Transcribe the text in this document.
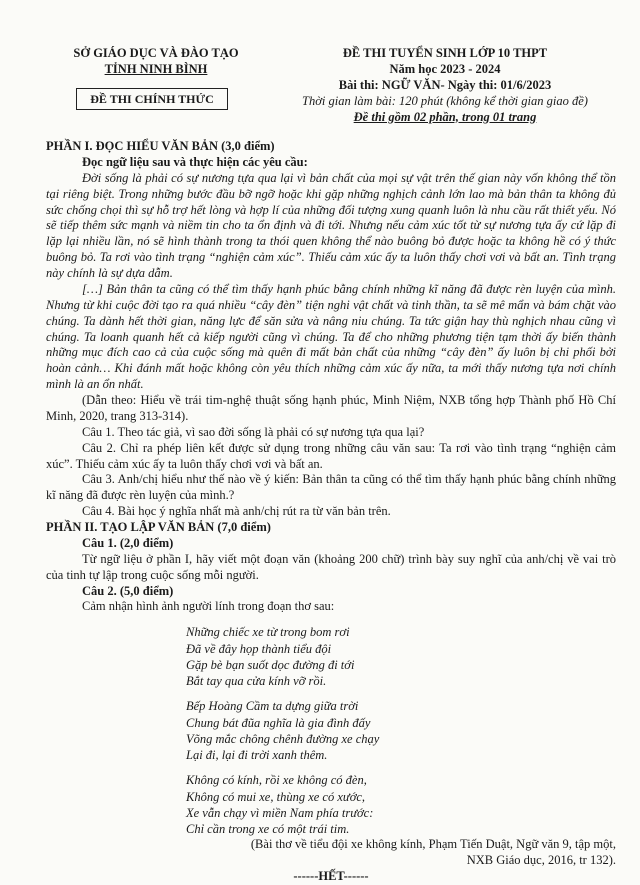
SỞ GIÁO DỤC VÀ ĐÀO TẠO
TỈNH NINH BÌNH
ĐỀ THI CHÍNH THỨC
ĐỀ THI TUYỂN SINH LỚP 10 THPT
Năm học 2023 - 2024
Bài thi: NGỮ VĂN- Ngày thi: 01/6/2023
Thời gian làm bài: 120 phút (không kể thời gian giao đề)
Đề thi gồm 02 phần, trong 01 trang

PHẦN I. ĐỌC HIỂU VĂN BẢN (3,0 điểm)

Đọc ngữ liệu sau và thực hiện các yêu cầu:

Đời sống là phải có sự nương tựa qua lại vì bản chất của mọi sự vật trên thế gian này vốn không thể tồn tại riêng biệt. Trong những bước đầu bỡ ngỡ hoặc khi gặp những nghịch cảnh lớn lao mà bản thân ta không đủ sức chống chọi thì sự hỗ trợ hết lòng và hợp lí của những đối tượng xung quanh luôn là nhu cầu rất thiết yếu. Nó sẽ tiếp thêm sức mạnh và niềm tin cho ta ổn định và đi tới. Nhưng nếu cảm xúc tốt từ sự nương tựa ấy cứ lặp đi lặp lại nhiều lần, nó sẽ hình thành trong ta thói quen không thể nào buông bỏ được hoặc ta không hề có ý thức buông bỏ. Ta rơi vào tình trạng “nghiện cảm xúc”. Thiếu cảm xúc ấy ta luôn thấy chơi vơi và bất an. Tình trạng này chính là sự dựa dẫm.

[…] Bản thân ta cũng có thể tìm thấy hạnh phúc bằng chính những kĩ năng đã được rèn luyện của mình. Nhưng từ khi cuộc đời tạo ra quá nhiều “cây đèn” tiện nghi vật chất và tinh thần, ta sẽ mê mẩn và bám chặt vào chúng. Ta dành hết thời gian, năng lực để săn sửa và nâng niu chúng. Ta tức giận hay thù nghịch nhau cũng vì chúng. Ta loanh quanh hết cả kiếp người cũng vì chúng. Ta để cho những phương tiện tạm thời ấy biến thành những mục đích cao cả của cuộc sống mà quên đi mất bản chất của những “cây đèn” ấy luôn bị chi phối bởi hoàn cảnh… Khi đánh mất hoặc không còn yêu thích những cảm xúc ấy nữa, ta mới thấy nương tựa nơi chính mình là an ổn nhất.

(Dẫn theo: Hiểu về trái tim-nghệ thuật sống hạnh phúc, Minh Niệm, NXB tổng hợp Thành phố Hồ Chí Minh, 2020, trang 313-314).

Câu 1. Theo tác giả, vì sao đời sống là phải có sự nương tựa qua lại?

Câu 2. Chỉ ra phép liên kết được sử dụng trong những câu văn sau: Ta rơi vào tình trạng “nghiện cảm xúc”. Thiếu cảm xúc ấy ta luôn thấy chơi vơi và bất an.

Câu 3. Anh/chị hiểu như thế nào về ý kiến: Bản thân ta cũng có thể tìm thấy hạnh phúc bằng chính những kĩ năng đã được rèn luyện của mình.?

Câu 4. Bài học ý nghĩa nhất mà anh/chị rút ra từ văn bản trên.

PHẦN II. TẠO LẬP VĂN BẢN (7,0 điểm)

Câu 1. (2,0 điểm)

Từ ngữ liệu ở phần I, hãy viết một đoạn văn (khoảng 200 chữ) trình bày suy nghĩ của anh/chị về vai trò của tinh tự lập trong cuộc sống mỗi người.

Câu 2. (5,0 điểm)

Cảm nhận hình ảnh người lính trong đoạn thơ sau:

Những chiếc xe từ trong bom rơi
Đã về đây họp thành tiểu đội
Gặp bè bạn suốt dọc đường đi tới
Bắt tay qua cửa kính vỡ rồi.
Bếp Hoàng Cầm ta dựng giữa trời
Chung bát đũa nghĩa là gia đình đấy
Võng mắc chông chênh đường xe chạy
Lại đi, lại đi trời xanh thêm.
Không có kính, rồi xe không có đèn,
Không có mui xe, thùng xe có xước,
Xe vẫn chạy vì miền Nam phía trước:
Chỉ cần trong xe có một trái tim.

(Bài thơ về tiểu đội xe không kính, Phạm Tiến Duật, Ngữ văn 9, tập một,

NXB Giáo dục, 2016, tr 132).

------HẾT------
